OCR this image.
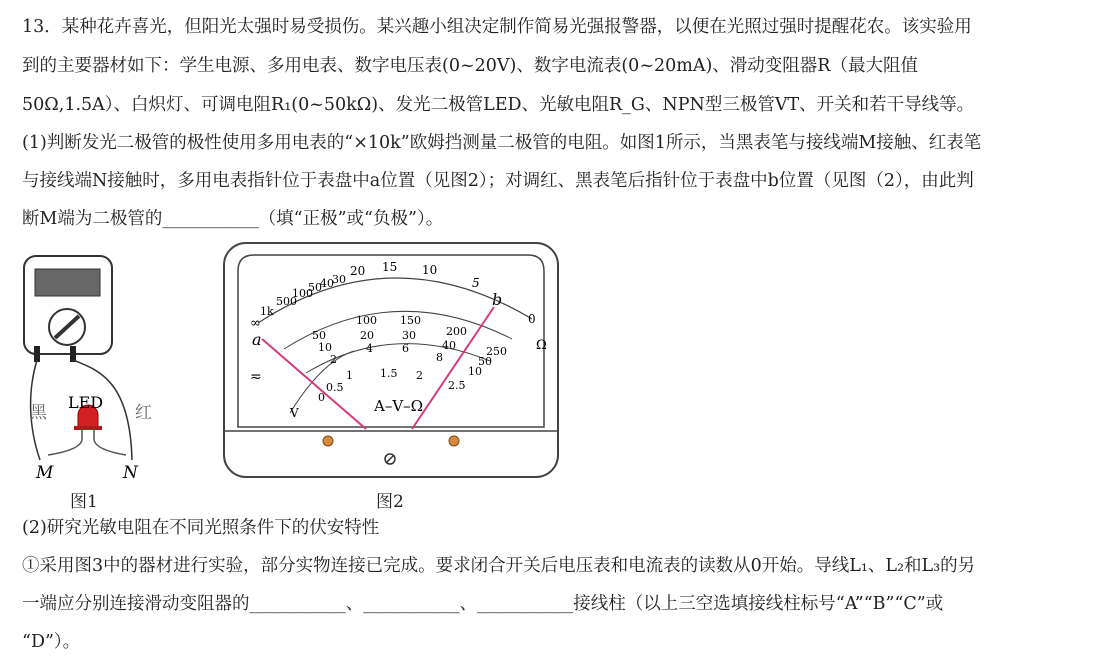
13．某种花卉喜光，但阳光太强时易受损伤。某兴趣小组决定制作简易光强报警器，以便在光照过强时提醒花农。该实验用
到的主要器材如下：学生电源、多用电表、数字电压表(0~20V)、数字电流表(0~20mA)、滑动变阻器R（最大阻值
50Ω,1.5A）、白炽灯、可调电阻R₁(0~50kΩ)、发光二极管LED、光敏电阻R_G、NPN型三极管VT、开关和若干导线等。
(1)判断发光二极管的极性使用多用电表的“×10k”欧姆挡测量二极管的电阻。如图1所示，当黑表笔与接线端M接触、红表笔
与接线端N接触时，多用电表指针位于表盘中a位置（见图2）；对调红、黑表笔后指针位于表盘中b位置（见图（2），由此判
断M端为二极管的___________（填“正极”或“负极”）。
LED
黑	红
M	N
图1
∞
1k
500
100
50
40
30
20 15 10
5
0
Ω
50
100 150
200
250
10
20	30
40
50
2
4	6
8
10
0
0.5
1 1.5 2
2.5
≂
V	A–V–Ω
a
b
图2
(2)研究光敏电阻在不同光照条件下的伏安特性
①采用图3中的器材进行实验，部分实物连接已完成。要求闭合开关后电压表和电流表的读数从0开始。导线L₁、L₂和L₃的另
一端应分别连接滑动变阻器的___________、___________、___________接线柱（以上三空选填接线柱标号“A”“B”“C”或
“D”）。
